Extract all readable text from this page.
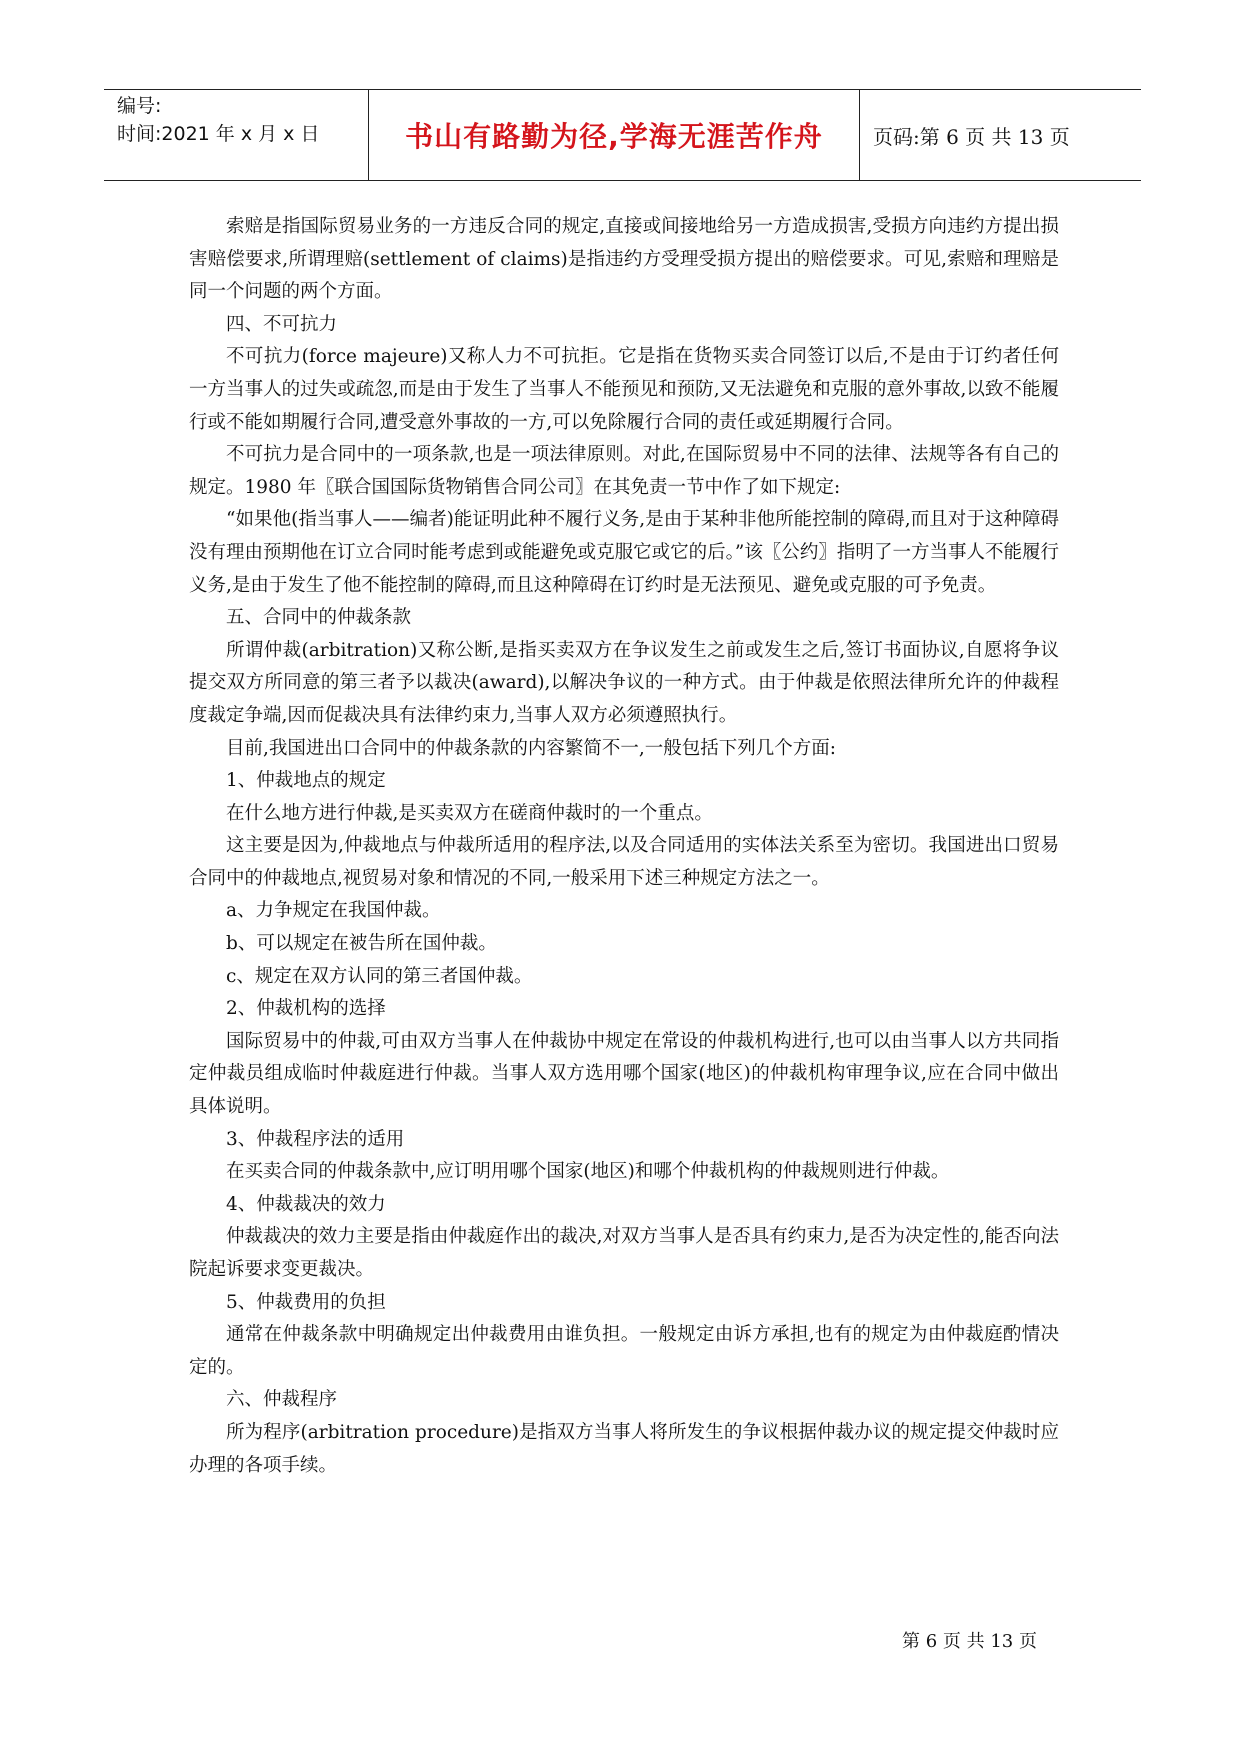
编号:
时间:2021 年 x 月 x 日	书山有路勤为径,学海无涯苦作舟	页码:第 6 页 共 13 页

索赔是指国际贸易业务的一方违反合同的规定,直接或间接地给另一方造成损害,受损方向违约方提出损害赔偿要求,所谓理赔(settlement of claims)是指违约方受理受损方提出的赔偿要求。可见,索赔和理赔是同一个问题的两个方面。

四、不可抗力

不可抗力(force majeure)又称人力不可抗拒。它是指在货物买卖合同签订以后,不是由于订约者任何一方当事人的过失或疏忽,而是由于发生了当事人不能预见和预防,又无法避免和克服的意外事故,以致不能履行或不能如期履行合同,遭受意外事故的一方,可以免除履行合同的责任或延期履行合同。

不可抗力是合同中的一项条款,也是一项法律原则。对此,在国际贸易中不同的法律、法规等各有自己的规定。1980 年〖联合国国际货物销售合同公司〗在其免责一节中作了如下规定:

“如果他(指当事人——编者)能证明此种不履行义务,是由于某种非他所能控制的障碍,而且对于这种障碍没有理由预期他在订立合同时能考虑到或能避免或克服它或它的后。”该〖公约〗指明了一方当事人不能履行义务,是由于发生了他不能控制的障碍,而且这种障碍在订约时是无法预见、避免或克服的可予免责。

五、合同中的仲裁条款

所谓仲裁(arbitration)又称公断,是指买卖双方在争议发生之前或发生之后,签订书面协议,自愿将争议提交双方所同意的第三者予以裁决(award),以解决争议的一种方式。由于仲裁是依照法律所允许的仲裁程度裁定争端,因而促裁决具有法律约束力,当事人双方必须遵照执行。

目前,我国进出口合同中的仲裁条款的内容繁简不一,一般包括下列几个方面:

1、仲裁地点的规定

在什么地方进行仲裁,是买卖双方在磋商仲裁时的一个重点。

这主要是因为,仲裁地点与仲裁所适用的程序法,以及合同适用的实体法关系至为密切。我国进出口贸易合同中的仲裁地点,视贸易对象和情况的不同,一般采用下述三种规定方法之一。

a、力争规定在我国仲裁。

b、可以规定在被告所在国仲裁。

c、规定在双方认同的第三者国仲裁。

2、仲裁机构的选择

国际贸易中的仲裁,可由双方当事人在仲裁协中规定在常设的仲裁机构进行,也可以由当事人以方共同指定仲裁员组成临时仲裁庭进行仲裁。当事人双方选用哪个国家(地区)的仲裁机构审理争议,应在合同中做出具体说明。

3、仲裁程序法的适用

在买卖合同的仲裁条款中,应订明用哪个国家(地区)和哪个仲裁机构的仲裁规则进行仲裁。

4、仲裁裁决的效力

仲裁裁决的效力主要是指由仲裁庭作出的裁决,对双方当事人是否具有约束力,是否为决定性的,能否向法院起诉要求变更裁决。

5、仲裁费用的负担

通常在仲裁条款中明确规定出仲裁费用由谁负担。一般规定由诉方承担,也有的规定为由仲裁庭酌情决定的。

六、仲裁程序

所为程序(arbitration procedure)是指双方当事人将所发生的争议根据仲裁办议的规定提交仲裁时应办理的各项手续。

第 6 页 共 13 页
